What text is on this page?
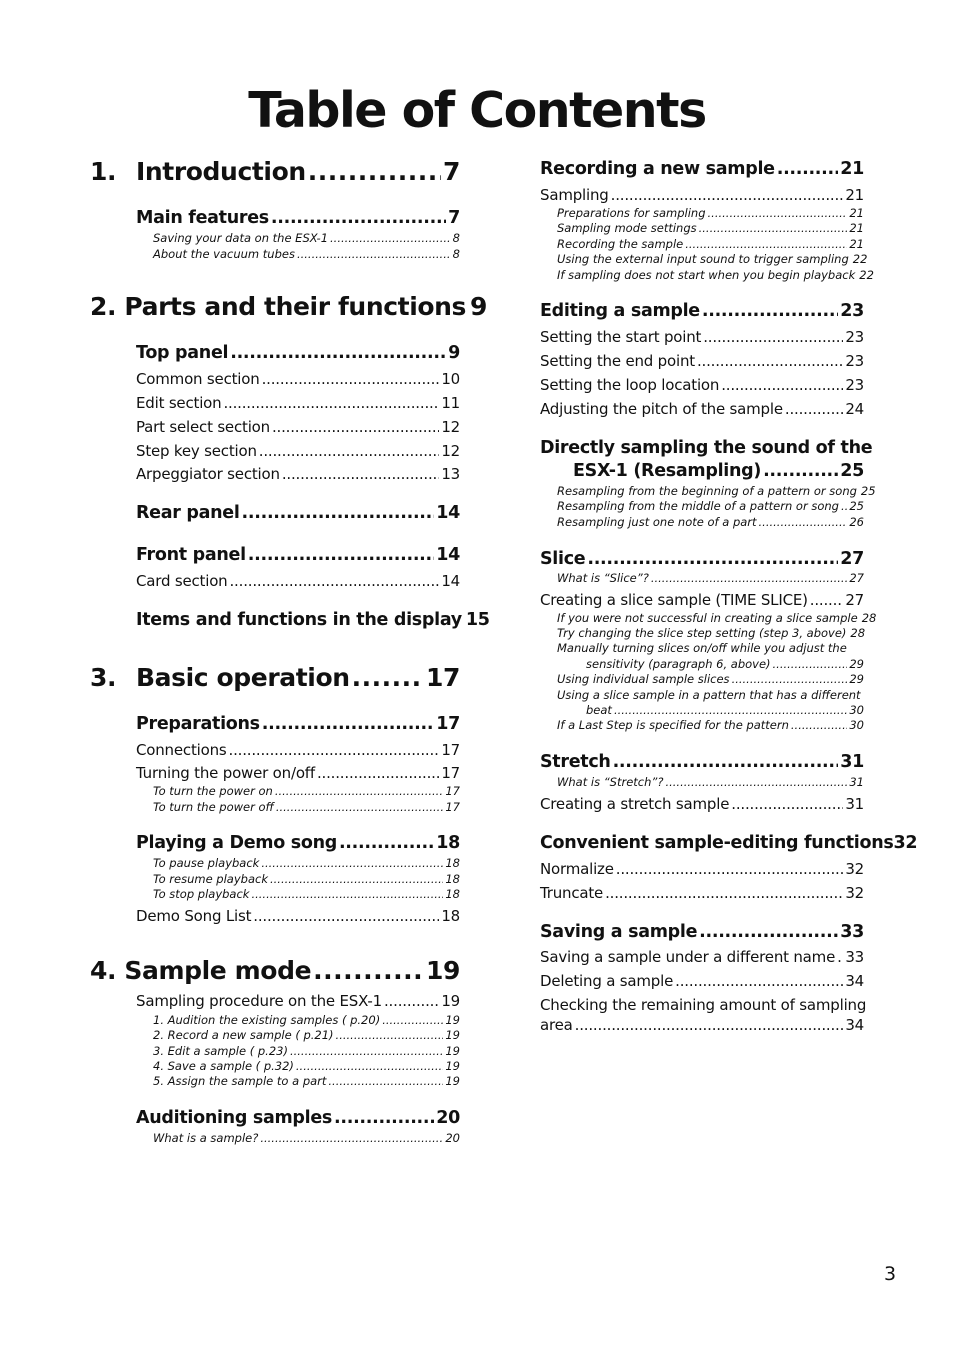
Table of Contents
1. Introduction .....	7
Main features .....	7
Saving your data on the ESX-1 .....	8
About the vacuum tubes .....	8
2. Parts and their functions 9
Top panel .....	9
Common section .....	10
Edit section .....	11
Part select section .....	12
Step key section .....	12
Arpeggiator section .....	13
Rear panel .....	14
Front panel .....	14
Card section .....	14
Items and functions in the display 15
3. Basic operation .....	17
Preparations .....	17
Connections .....	17
Turning the power on/off .....	17
To turn the power on .....	17
To turn the power off .....	17
Playing a Demo song .....	18
To pause playback .....	18
To resume playback .....	18
To stop playback .....	18
Demo Song List .....	18
4. Sample mode .....	19
Sampling procedure on the ESX-1 .....	19
1. Audition the existing samples ( p.20) .....	19
2. Record a new sample ( p.21) .....	19
3. Edit a sample ( p.23) .....	19
4. Save a sample ( p.32) .....	19
5. Assign the sample to a part .....	19
Auditioning samples .....	20
What is a sample? .....	20
Recording a new sample .....	21
Sampling .....	21
Preparations for sampling .....	21
Sampling mode settings .....	21
Recording the sample .....	21
Using the external input sound to trigger sampling 22
If sampling does not start when you begin playback 22
Editing a sample .....	23
Setting the start point .....	23
Setting the end point .....	23
Setting the loop location .....	23
Adjusting the pitch of the sample .....	24
Directly sampling the sound of the
ESX-1 (Resampling) .....	25
Resampling from the beginning of a pattern or song 25
Resampling from the middle of a pattern or song ..... 25
Resampling just one note of a part .....	26
Slice .....	27
What is “Slice”? .....	27
Creating a slice sample (TIME SLICE) .....	27
If you were not successful in creating a slice sample 28
Try changing the slice step setting (step 3, above) 28
Manually turning slices on/off while you adjust the
sensitivity (paragraph 6, above) .....	29
Using individual sample slices .....	29
Using a slice sample in a pattern that has a different
beat .....	30
If a Last Step is specified for the pattern .....	30
Stretch .....	31
What is “Stretch”? .....	31
Creating a stretch sample .....	31
Convenient sample-editing functions 32
Normalize .....	32
Truncate .....	32
Saving a sample .....	33
Saving a sample under a different name ..... 33
Deleting a sample .....	34
Checking the remaining amount of sampling
area .....	34
3
